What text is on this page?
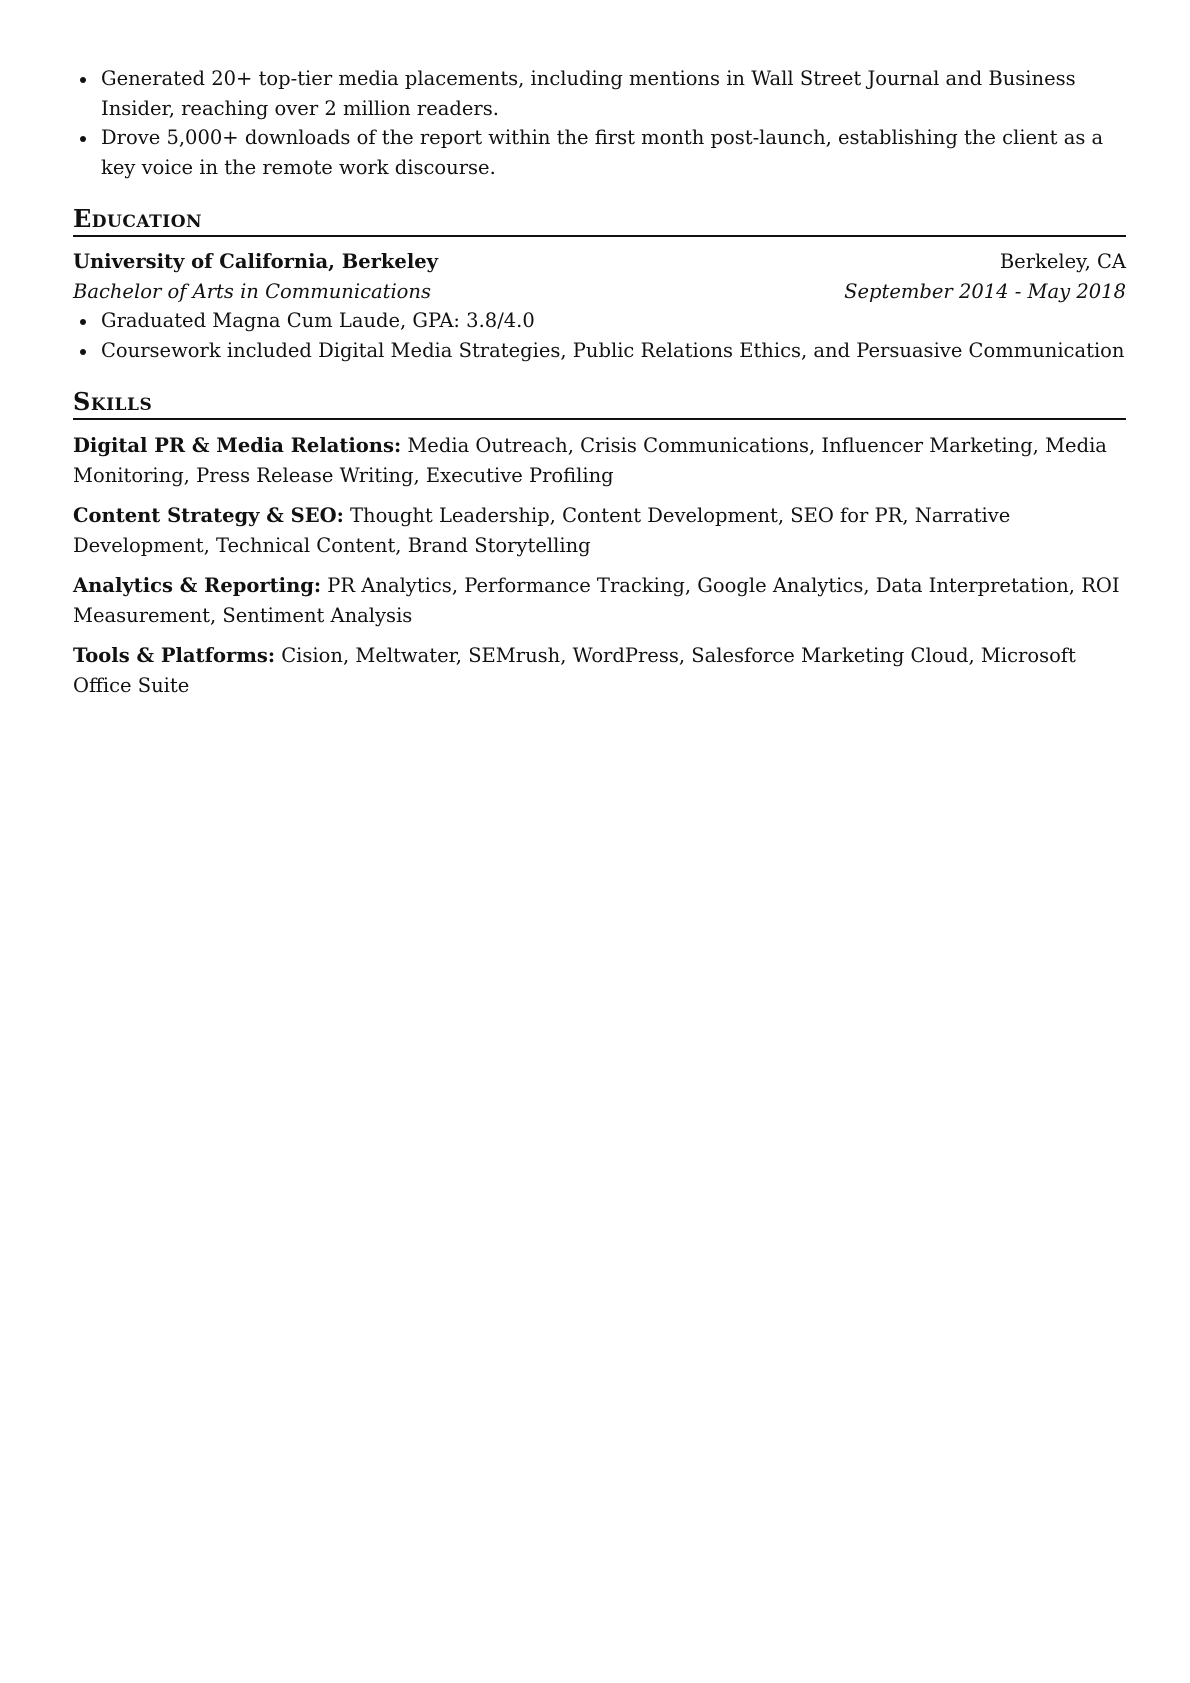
Generated 20+ top-tier media placements, including mentions in Wall Street Journal and Business Insider, reaching over 2 million readers.
Drove 5,000+ downloads of the report within the first month post-launch, establishing the client as a key voice in the remote work discourse.
Education
University of California, Berkeley	Berkeley, CA
Bachelor of Arts in Communications	September 2014 - May 2018
Graduated Magna Cum Laude, GPA: 3.8/4.0
Coursework included Digital Media Strategies, Public Relations Ethics, and Persuasive Communication
Skills

Digital PR & Media Relations: Media Outreach, Crisis Communications, Influencer Marketing, Media Monitoring, Press Release Writing, Executive Profiling

Content Strategy & SEO: Thought Leadership, Content Development, SEO for PR, Narrative Development, Technical Content, Brand Storytelling

Analytics & Reporting: PR Analytics, Performance Tracking, Google Analytics, Data Interpretation, ROI Measurement, Sentiment Analysis

Tools & Platforms: Cision, Meltwater, SEMrush, WordPress, Salesforce Marketing Cloud, Microsoft Office Suite
